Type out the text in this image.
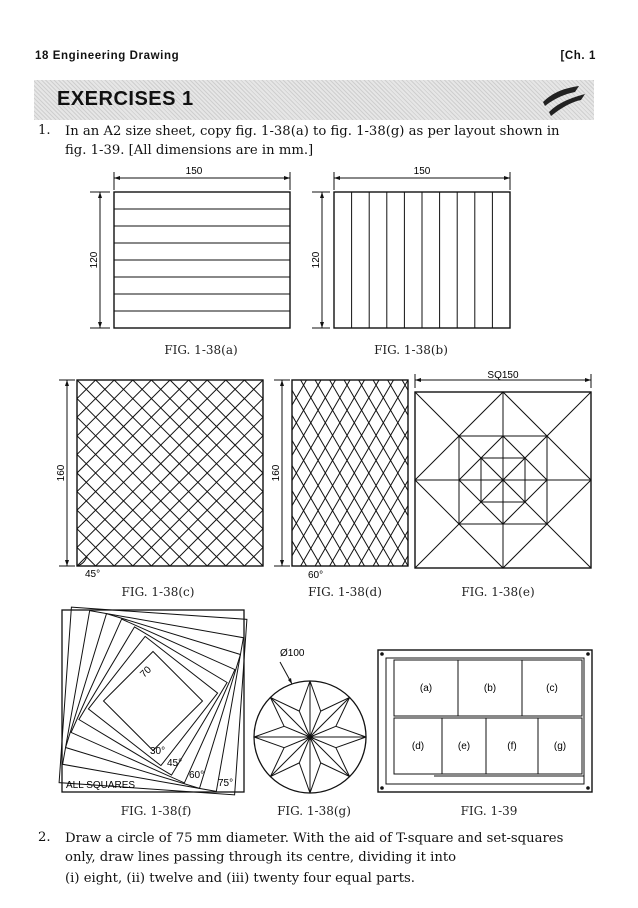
18 Engineering Drawing	[Ch. 1
EXERCISES 1
1. In an A2 size sheet, copy fig. 1-38(a) to fig. 1-38(g) as per layout shown in
fig. 1-39. [All dimensions are in mm.]
150
120
FIG. 1-38(a)
150
120
FIG. 1-38(b)
160
45°
FIG. 1-38(c)
160
60°
FIG. 1-38(d)
SQ150
FIG. 1-38(e)
70
30°
45°
60°
75°
ALL SQUARES
FIG. 1-38(f)
Ø100
FIG. 1-38(g)
(a)	(b)	(c)
(d)	(e)	(f)	(g)
FIG. 1-39
2. Draw a circle of 75 mm diameter. With the aid of T-square and set-squares
only, draw lines passing through its centre, dividing it into
(i) eight, (ii) twelve and (iii) twenty four equal parts.
